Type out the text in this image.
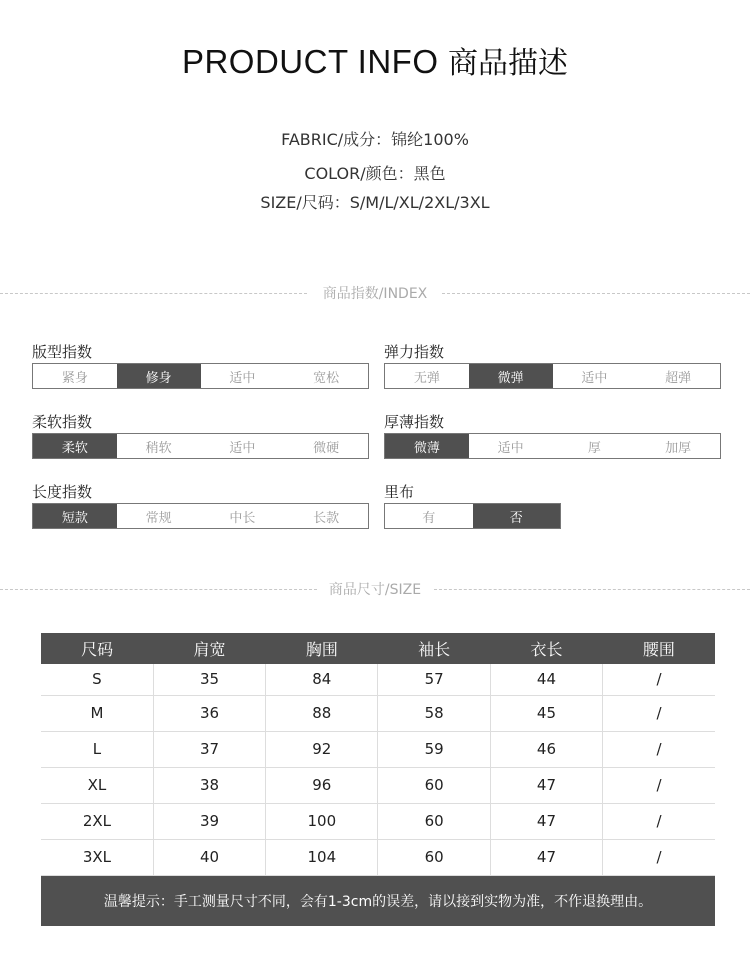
PRODUCT INFO 商品描述
FABRIC/成分：锦纶100%
COLOR/颜色：黑色
SIZE/尺码：S/M/L/XL/2XL/3XL
商品指数/INDEX
版型指数
紧身	修身	适中	宽松
弹力指数
无弹	微弹	适中	超弹
柔软指数
柔软	稍软	适中	微硬
厚薄指数
微薄	适中	厚	加厚
长度指数
短款	常规	中长	长款
里布
有	否
商品尺寸/SIZE
尺码	肩宽	胸围	袖长	衣长	腰围
S	35	84	57	44	/
M	36	88	58	45	/
L	37	92	59	46	/
XL	38	96	60	47	/
2XL	39	100	60	47	/
3XL	40	104	60	47	/
温馨提示：手工测量尺寸不同，会有1-3cm的误差，请以接到实物为准，不作退换理由。
